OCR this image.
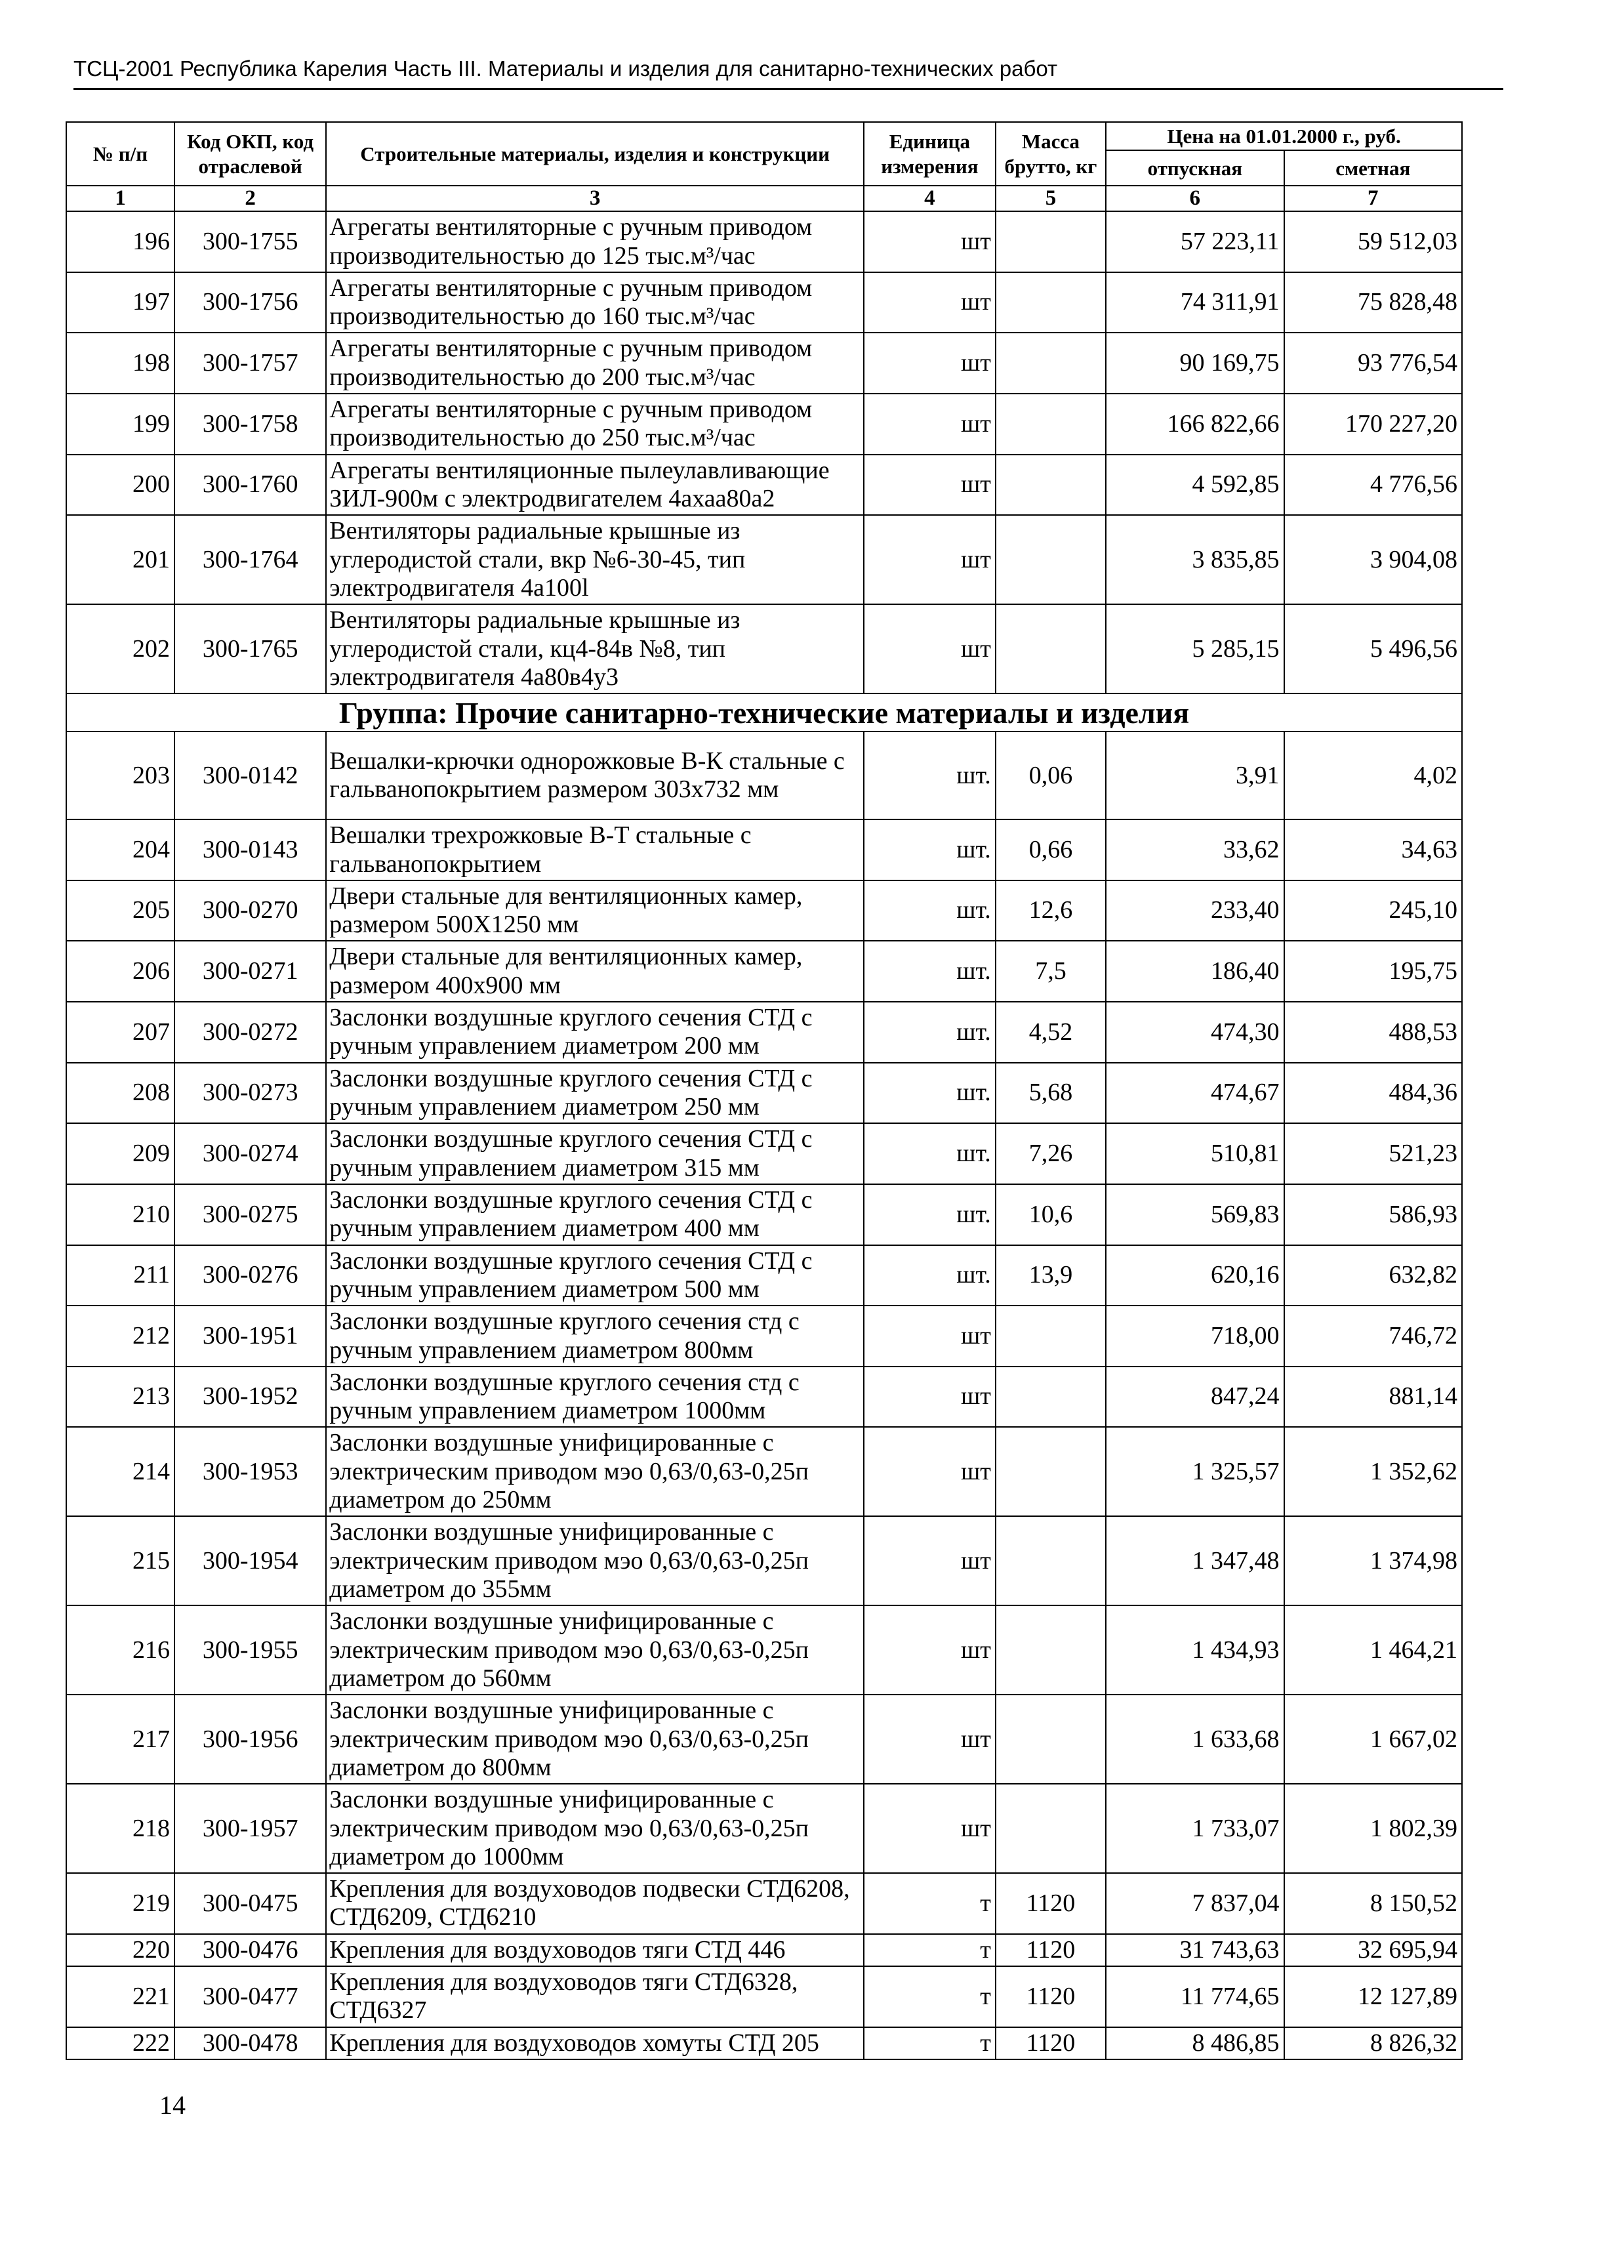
ТСЦ-2001 Республика Карелия Часть III. Материалы и изделия для санитарно-технических работ
№ п/п	Код ОКП, код отраслевой	Строительные материалы, изделия и конструкции	Единица измерения	Масса брутто, кг	Цена на 01.01.2000 г., руб.	
					отпускная	сметная
1	2	3	4	5	6	7
196	300-1755	Агрегаты вентиляторные с ручным приводом производительностью до 125 тыс.м³/час	шт		57 223,11	59 512,03
197	300-1756	Агрегаты вентиляторные с ручным приводом производительностью до 160 тыс.м³/час	шт		74 311,91	75 828,48
198	300-1757	Агрегаты вентиляторные с ручным приводом производительностью до 200 тыс.м³/час	шт		90 169,75	93 776,54
199	300-1758	Агрегаты вентиляторные с ручным приводом производительностью до 250 тыс.м³/час	шт		166 822,66	170 227,20
200	300-1760	Агрегаты вентиляционные пылеулавливающие ЗИЛ-900м с электродвигателем 4ахаа80а2	шт		4 592,85	4 776,56
201	300-1764	Вентиляторы радиальные крышные из углеродистой стали, вкр №6-30-45, тип электродвигателя 4а100l	шт		3 835,85	3 904,08
202	300-1765	Вентиляторы радиальные крышные из углеродистой стали, кц4-84в №8, тип электродвигателя 4а80в4у3	шт		5 285,15	5 496,56
Группа: Прочие санитарно-технические материалы и изделия						
203	300-0142	Вешалки-крючки однорожковые В-К стальные с гальванопокрытием размером 303х732 мм	шт.	0,06	3,91	4,02
204	300-0143	Вешалки трехрожковые В-Т стальные с гальванопокрытием	шт.	0,66	33,62	34,63
205	300-0270	Двери стальные для вентиляционных камер, размером 500Х1250 мм	шт.	12,6	233,40	245,10
206	300-0271	Двери стальные для вентиляционных камер, размером 400х900 мм	шт.	7,5	186,40	195,75
207	300-0272	Заслонки воздушные круглого сечения СТД с ручным управлением диаметром 200 мм	шт.	4,52	474,30	488,53
208	300-0273	Заслонки воздушные круглого сечения СТД с ручным управлением диаметром 250 мм	шт.	5,68	474,67	484,36
209	300-0274	Заслонки воздушные круглого сечения СТД с ручным управлением диаметром 315 мм	шт.	7,26	510,81	521,23
210	300-0275	Заслонки воздушные круглого сечения СТД с ручным управлением диаметром 400 мм	шт.	10,6	569,83	586,93
211	300-0276	Заслонки воздушные круглого сечения СТД с ручным управлением диаметром 500 мм	шт.	13,9	620,16	632,82
212	300-1951	Заслонки воздушные круглого сечения стд с ручным управлением диаметром 800мм	шт		718,00	746,72
213	300-1952	Заслонки воздушные круглого сечения стд с ручным управлением диаметром 1000мм	шт		847,24	881,14
214	300-1953	Заслонки воздушные унифицированные с электрическим приводом мэо 0,63/0,63-0,25п диаметром до 250мм	шт		1 325,57	1 352,62
215	300-1954	Заслонки воздушные унифицированные с электрическим приводом мэо 0,63/0,63-0,25п диаметром до 355мм	шт		1 347,48	1 374,98
216	300-1955	Заслонки воздушные унифицированные с электрическим приводом мэо 0,63/0,63-0,25п диаметром до 560мм	шт		1 434,93	1 464,21
217	300-1956	Заслонки воздушные унифицированные с электрическим приводом мэо 0,63/0,63-0,25п диаметром до 800мм	шт		1 633,68	1 667,02
218	300-1957	Заслонки воздушные унифицированные с электрическим приводом мэо 0,63/0,63-0,25п диаметром до 1000мм	шт		1 733,07	1 802,39
219	300-0475	Крепления для воздуховодов подвески СТД6208, СТД6209, СТД6210	т	1120	7 837,04	8 150,52
220	300-0476	Крепления для воздуховодов тяги СТД 446	т	1120	31 743,63	32 695,94
221	300-0477	Крепления для воздуховодов тяги СТД6328, СТД6327	т	1120	11 774,65	12 127,89
222	300-0478	Крепления для воздуховодов хомуты СТД 205	т	1120	8 486,85	8 826,32
14
